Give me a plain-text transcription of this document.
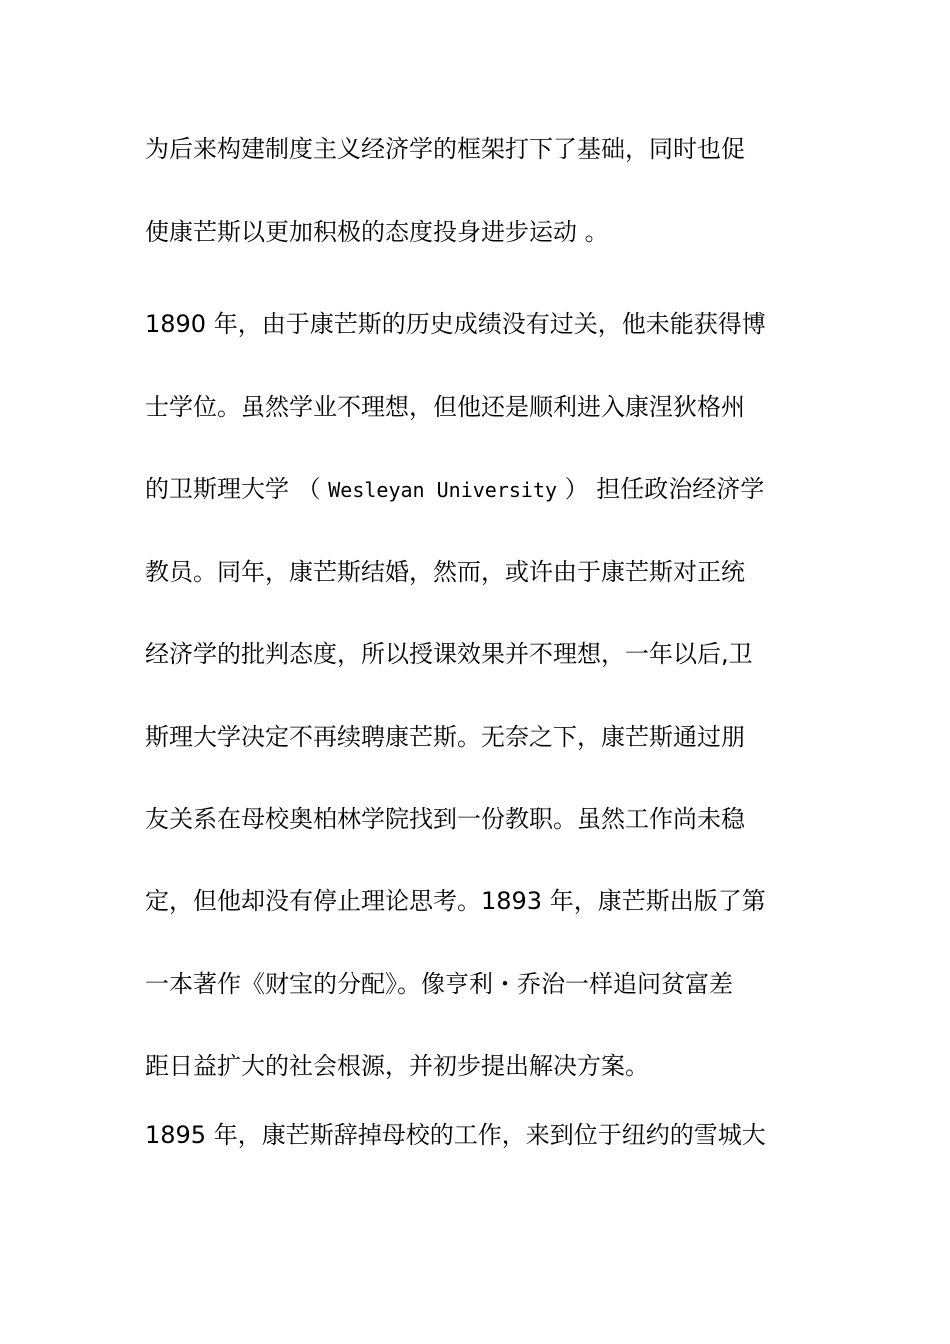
为后来构建制度主义经济学的框架打下了基础，同时也促
使康芒斯以更加积极的态度投身进步运动 。
1890 年，由于康芒斯的历史成绩没有过关，他未能获得博
士学位。虽然学业不理想，但他还是顺利进入康涅狄格州
的卫斯理大学 （ Wesleyan University ） 担任政治经济学
教员。同年，康芒斯结婚，然而，或许由于康芒斯对正统
经济学的批判态度，所以授课效果并不理想，一年以后,卫
斯理大学决定不再续聘康芒斯。无奈之下，康芒斯通过朋
友关系在母校奥柏林学院找到一份教职。虽然工作尚未稳
定，但他却没有停止理论思考。1893 年，康芒斯出版了第
一本著作《财宝的分配》。像亨利・乔治一样追问贫富差
距日益扩大的社会根源，并初步提出解决方案。
1895 年，康芒斯辞掉母校的工作，来到位于纽约的雪城大
